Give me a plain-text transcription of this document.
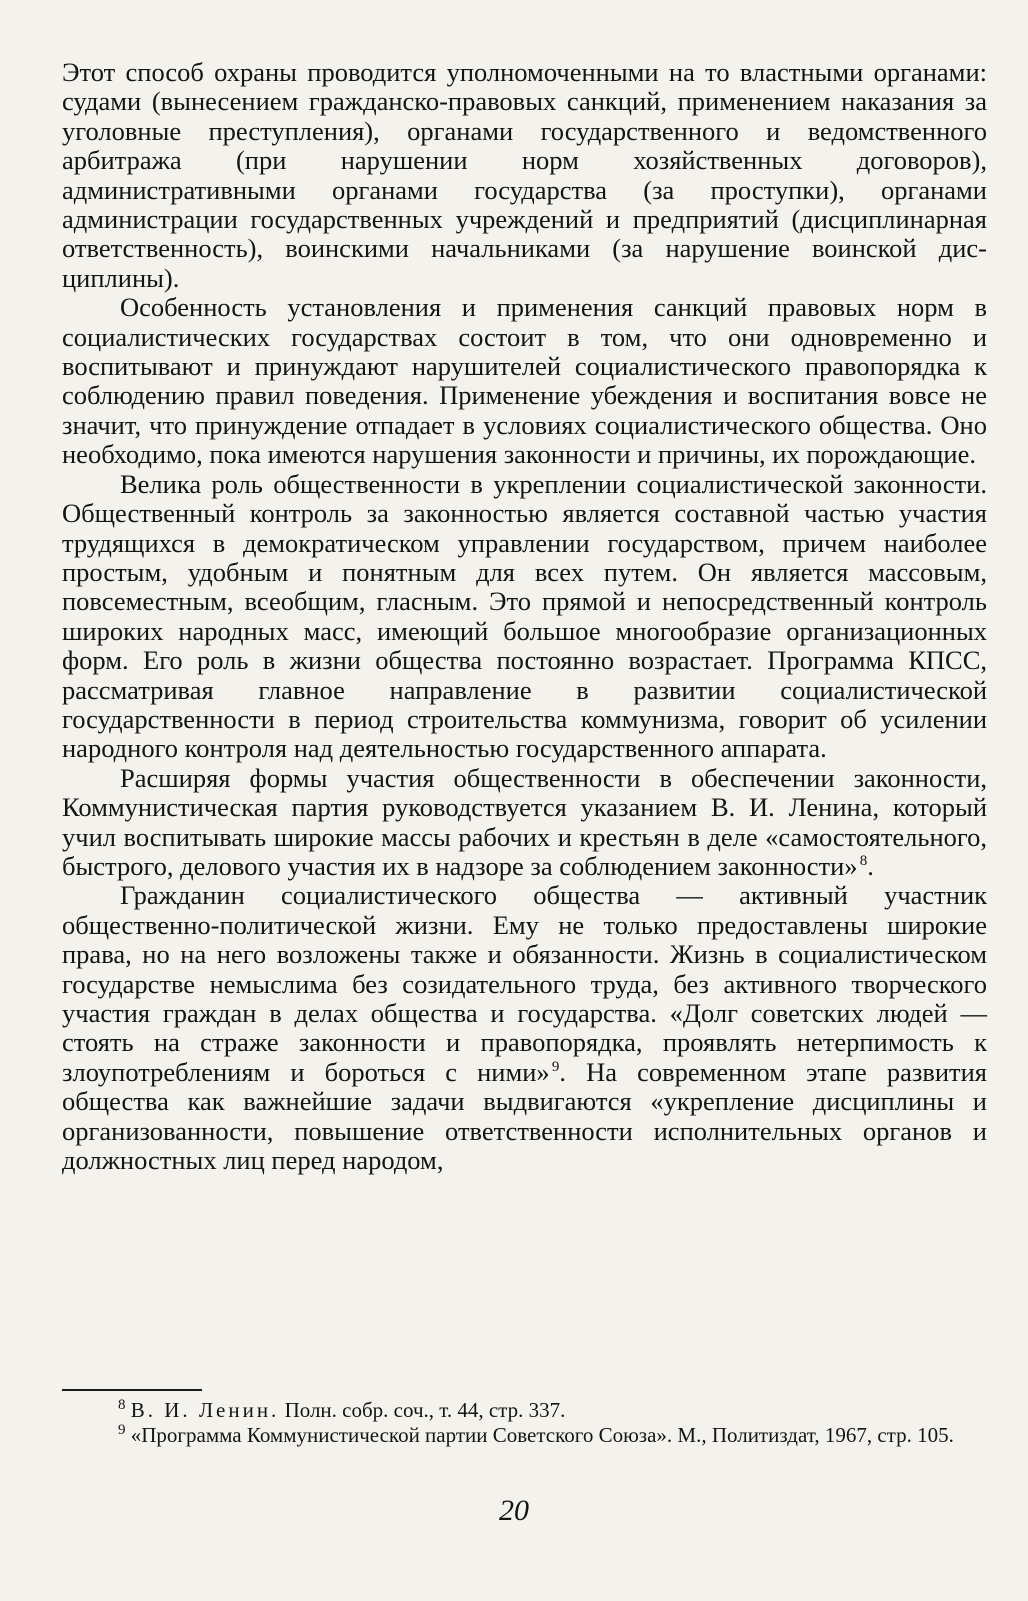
Этот способ охраны проводится уполномоченными на то властными органами: судами (вынесением гражданско-правовых санкций, применением наказания за уголовные преступления), органами государственного и ведомственного арбитража (при нарушении норм хозяйственных договоров), административными органами государства (за проступки), органами администрации государственных учреждений и предприятий (дисциплинарная ответственность), воинскими начальниками (за нарушение воинской дисциплины).

Особенность установления и применения санкций правовых норм в социалистических государствах состоит в том, что они одновременно и воспитывают и принуждают нарушителей социалистического правопорядка к соблюдению правил поведения. Применение убеждения и воспитания вовсе не значит, что принуждение отпадает в условиях социалистического общества. Оно необходимо, пока имеются нарушения законности и причины, их порождающие.

Велика роль общественности в укреплении социалистической законности. Общественный контроль за законностью является составной частью участия трудящихся в демократическом управлении государством, причем наиболее простым, удобным и понятным для всех путем. Он является массовым, повсеместным, всеобщим, гласным. Это прямой и непосредственный контроль широких народных масс, имеющий большое многообразие организационных форм. Его роль в жизни общества постоянно возрастает. Программа КПСС, рассматривая главное направление в развитии социалистической государственности в период строительства коммунизма, говорит об усилении народного контроля над деятельностью государственного аппарата.

Расширяя формы участия общественности в обеспечении законности, Коммунистическая партия руководствуется указанием В. И. Ленина, который учил воспитывать широкие массы рабочих и крестьян в деле «самостоятельного, быстрого, делового участия их в надзоре за соблюдением законности»  $^8$.

Гражданин социалистического общества — активный участник общественно-политической жизни. Ему не только предоставлены широкие права, но на него возложены также и обязанности. Жизнь в социалистическом государстве немыслима без созидательного труда, без активного творческого участия граждан в делах общества и государства. «Долг советских людей — стоять на страже законности и правопорядка, проявлять нетерпимость к злоупотреблениям и бороться с ними»  $^9$. На современном этапе развития общества как важнейшие задачи выдвигаются «укрепление дисциплины и организованности, повышение ответственности исполнительных органов и должностных лиц перед народом,

$^8$ В. И. Ленин. Полн. собр. соч., т. 44, стр. 337.

$^9$ «Программа Коммунистической партии Советского Союза». М., Политиздат, 1967, стр. 105.

20
